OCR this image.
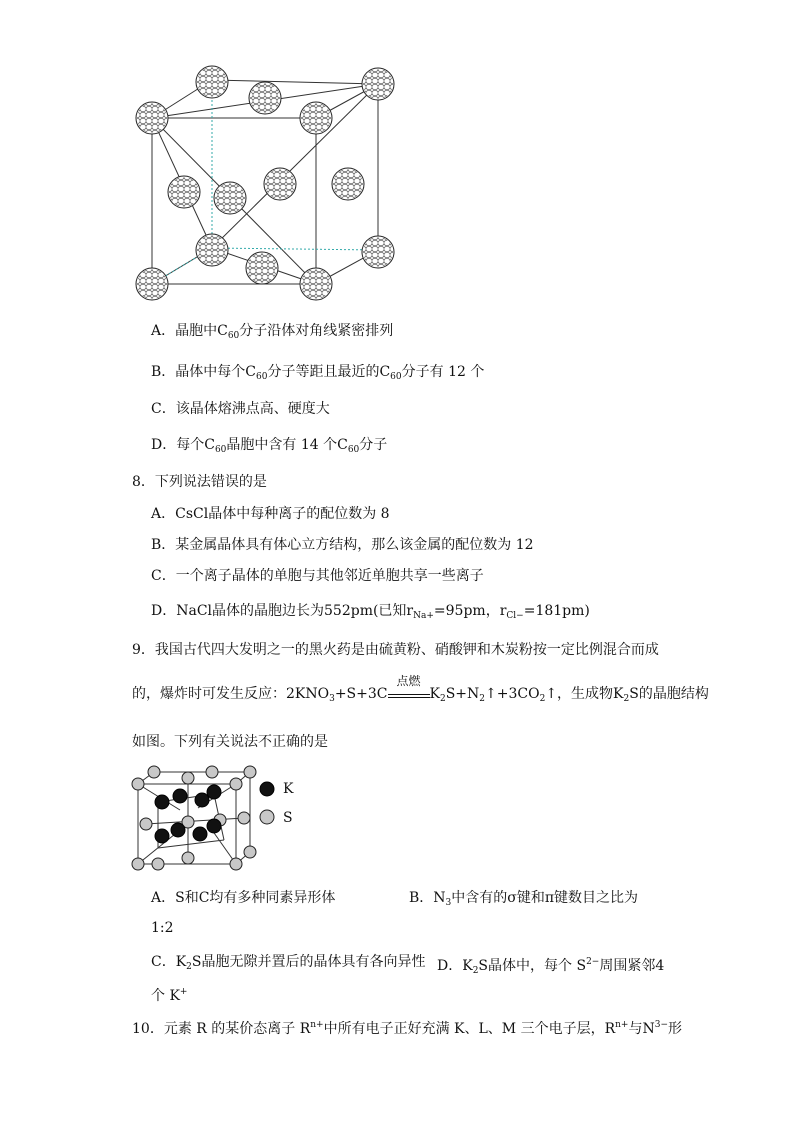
A．晶胞中$C_{60}$分子沿体对角线紧密排列
B．晶体中每个$C_{60}$分子等距且最近的$C_{60}$分子有 12 个
C．该晶体熔沸点高、硬度大
D．每个$C_{60}$晶胞中含有 14 个$C_{60}$分子
8．下列说法错误的是
A．CsCl晶体中每种离子的配位数为 8
B．某金属晶体具有体心立方结构，那么该金属的配位数为 12
C．一个离子晶体的单胞与其他邻近单胞共享一些离子
D．NaCl晶体的晶胞边长为552pm(已知$r_{Na+}=95pm$，$r_{Cl-}=181pm$)
9．我国古代四大发明之一的黑火药是由硫黄粉、硝酸钾和木炭粉按一定比例混合而成
的，爆炸时可发生反应：$2KNO_3+S+3C$
点燃
$K_2S+N_2↑+3CO_2↑$，生成物$K_2S$的晶胞结构
如图。下列有关说法不正确的是
K
S
A．S和C均有多种同素异形体	B．$N_3$中含有的σ键和π键数目之比为
1:2
C．$K_2S$晶胞无隙并置后的晶体具有各向异性 D．$K_2S$晶体中，每个 $S^{2-}$周围紧邻4
个 K+
10．元素 R 的某价态离子 $R^{n+}$中所有电子正好充满 K、L、M 三个电子层，$R^{n+}$与$N^{3-}$形
